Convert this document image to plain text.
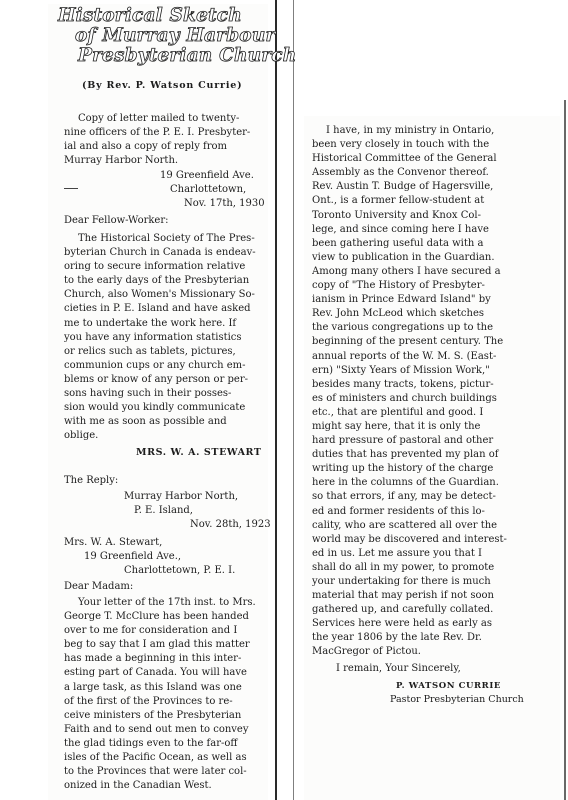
Historical Sketch
of Murray Harbour
Presbyterian Church
(By Rev. P. Watson Currie)
Copy of letter mailed to twenty-
nine officers of the P. E. I. Presbyter-
ial and also a copy of reply from
Murray Harbor North.
19 Greenfield Ave.
Charlottetown,
Nov. 17th, 1930
Dear Fellow-Worker:
The Historical Society of The Pres-
byterian Church in Canada is endeav-
oring to secure information relative
to the early days of the Presbyterian
Church, also Women's Missionary So-
cieties in P. E. Island and have asked
me to undertake the work here. If
you have any information statistics
or relics such as tablets, pictures,
communion cups or any church em-
blems or know of any person or per-
sons having such in their posses-
sion would you kindly communicate
with me as soon as possible and
oblige.
MRS. W. A. STEWART
The Reply:
Murray Harbor North,
P. E. Island,
Nov. 28th, 1923
Mrs. W. A. Stewart,
19 Greenfield Ave.,
Charlottetown, P. E. I.
Dear Madam:
Your letter of the 17th inst. to Mrs.
George T. McClure has been handed
over to me for consideration and I
beg to say that I am glad this matter
has made a beginning in this inter-
esting part of Canada. You will have
a large task, as this Island was one
of the first of the Provinces to re-
ceive ministers of the Presbyterian
Faith and to send out men to convey
the glad tidings even to the far-off
isles of the Pacific Ocean, as well as
to the Provinces that were later col-
onized in the Canadian West.
I have, in my ministry in Ontario,
been very closely in touch with the
Historical Committee of the General
Assembly as the Convenor thereof.
Rev. Austin T. Budge of Hagersville,
Ont., is a former fellow-student at
Toronto University and Knox Col-
lege, and since coming here I have
been gathering useful data with a
view to publication in the Guardian.
Among many others I have secured a
copy of "The History of Presbyter-
ianism in Prince Edward Island" by
Rev. John McLeod which sketches
the various congregations up to the
beginning of the present century. The
annual reports of the W. M. S. (East-
ern) "Sixty Years of Mission Work,"
besides many tracts, tokens, pictur-
es of ministers and church buildings
etc., that are plentiful and good. I
might say here, that it is only the
hard pressure of pastoral and other
duties that has prevented my plan of
writing up the history of the charge
here in the columns of the Guardian.
so that errors, if any, may be detect-
ed and former residents of this lo-
cality, who are scattered all over the
world may be discovered and interest-
ed in us. Let me assure you that I
shall do all in my power, to promote
your undertaking for there is much
material that may perish if not soon
gathered up, and carefully collated.
Services here were held as early as
the year 1806 by the late Rev. Dr.
MacGregor of Pictou.
I remain, Your Sincerely,
P. WATSON CURRIE
Pastor Presbyterian Church
